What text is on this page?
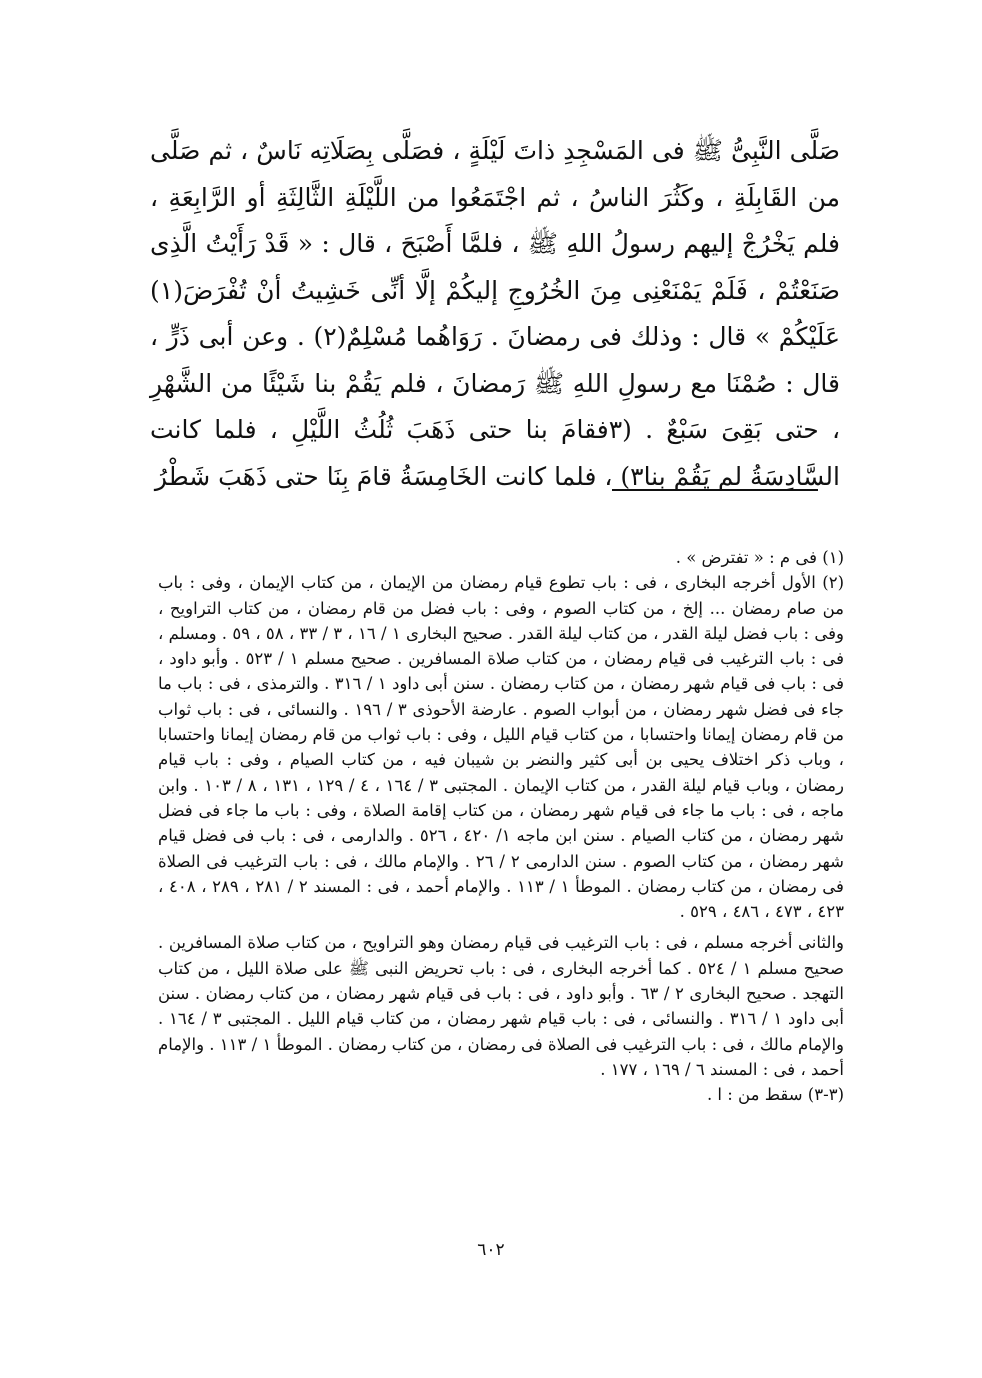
صَلَّى النَّبِىُّ ﷺ فى المَسْجِدِ ذاتَ لَيْلَةٍ ، فصَلَّى بِصَلَاتِه نَاسٌ ، ثم صَلَّى من القَابِلَةِ ، وكَثُرَ الناسُ ، ثم اجْتَمَعُوا من اللَّيْلَةِ الثَّالِثَةِ أو الرَّابِعَةِ ، فلم يَخْرُجْ إليهم رسولُ اللهِ ﷺ ، فلمَّا أَصْبَحَ ، قال : « قَدْ رَأَيْتُ الَّذِى صَنَعْتُمْ ، فَلَمْ يَمْنَعْنِى مِنَ الخُرُوجِ إليكُمْ إلَّا أنِّى خَشِيتُ أنْ تُفْرَضَ(١) عَلَيْكُمْ » قال : وذلك فى رمضانَ . رَوَاهُما مُسْلِمٌ(٢) . وعن أبى ذَرٍّ ، قال : صُمْنَا مع رسولِ اللهِ ﷺ رَمضانَ ، فلم يَقُمْ بنا شَيْئًا من الشَّهْرِ ، حتى بَقِىَ سَبْعٌ . (٣فقامَ بنا حتى ذَهَبَ ثُلُثُ اللَّيْلِ ، فلما كانت السَّادِسَةُ لم يَقُمْ بنا٣) ، فلما كانت الخَامِسَةُ قامَ بِنَا حتى ذَهَبَ شَطْرُ

(١) فى م : « تفترض » .

(٢) الأول أخرجه البخارى ، فى : باب تطوع قيام رمضان من الإيمان ، من كتاب الإيمان ، وفى : باب من صام رمضان ... إلخ ، من كتاب الصوم ، وفى : باب فضل من قام رمضان ، من كتاب التراويح ، وفى : باب فضل ليلة القدر ، من كتاب ليلة القدر . صحيح البخارى ١ / ١٦ ، ٣ / ٣٣ ، ٥٨ ، ٥٩ . ومسلم ، فى : باب الترغيب فى قيام رمضان ، من كتاب صلاة المسافرين . صحيح مسلم ١ / ٥٢٣ . وأبو داود ، فى : باب فى قيام شهر رمضان ، من كتاب رمضان . سنن أبى داود ١ / ٣١٦ . والترمذى ، فى : باب ما جاء فى فضل شهر رمضان ، من أبواب الصوم . عارضة الأحوذى ٣ / ١٩٦ . والنسائى ، فى : باب ثواب من قام رمضان إيمانا واحتسابا ، من كتاب قيام الليل ، وفى : باب ثواب من قام رمضان إيمانا واحتسابا ، وباب ذكر اختلاف يحيى بن أبى كثير والنضر بن شيبان فيه ، من كتاب الصيام ، وفى : باب قيام رمضان ، وباب قيام ليلة القدر ، من كتاب الإيمان . المجتبى ٣ / ١٦٤ ، ٤ / ١٢٩ ، ١٣١ ، ٨ / ١٠٣ . وابن ماجه ، فى : باب ما جاء فى قيام شهر رمضان ، من كتاب إقامة الصلاة ، وفى : باب ما جاء فى فضل شهر رمضان ، من كتاب الصيام . سنن ابن ماجه ١/ ٤٢٠ ، ٥٢٦ . والدارمى ، فى : باب فى فضل قيام شهر رمضان ، من كتاب الصوم . سنن الدارمى ٢ / ٢٦ . والإمام مالك ، فى : باب الترغيب فى الصلاة فى رمضان ، من كتاب رمضان . الموطأ ١ / ١١٣ . والإمام أحمد ، فى : المسند ٢ / ٢٨١ ، ٢٨٩ ، ٤٠٨ ، ٤٢٣ ، ٤٧٣ ، ٤٨٦ ، ٥٢٩ .

والثانى أخرجه مسلم ، فى : باب الترغيب فى قيام رمضان وهو التراويح ، من كتاب صلاة المسافرين . صحيح مسلم ١ / ٥٢٤ . كما أخرجه البخارى ، فى : باب تحريض النبى ﷺ على صلاة الليل ، من كتاب التهجد . صحيح البخارى ٢ / ٦٣ . وأبو داود ، فى : باب فى قيام شهر رمضان ، من كتاب رمضان . سنن أبى داود ١ / ٣١٦ . والنسائى ، فى : باب قيام شهر رمضان ، من كتاب قيام الليل . المجتبى ٣ / ١٦٤ . والإمام مالك ، فى : باب الترغيب فى الصلاة فى رمضان ، من كتاب رمضان . الموطأ ١ / ١١٣ . والإمام أحمد ، فى : المسند ٦ / ١٦٩ ، ١٧٧ .

(٣-٣) سقط من : ا .

٦٠٢
